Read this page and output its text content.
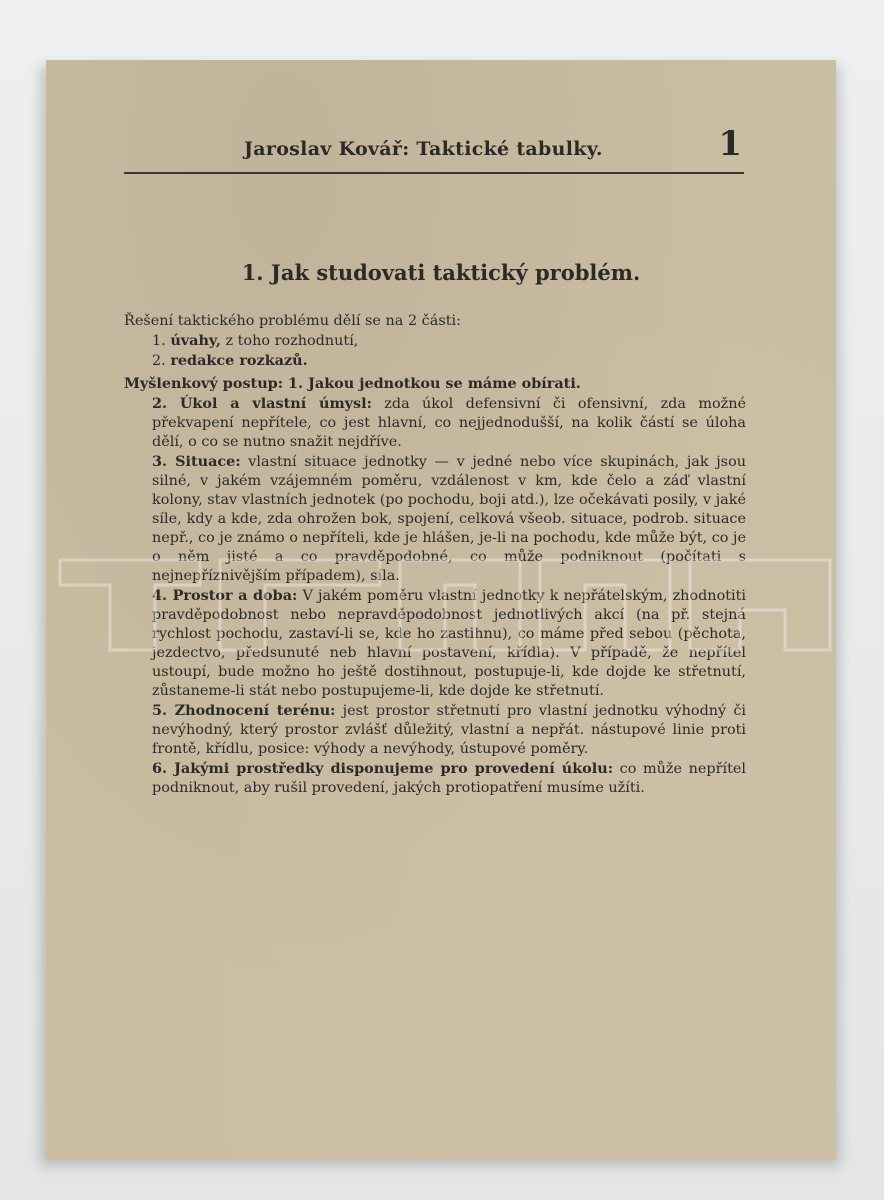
Jaroslav Kovář: Taktické tabulky.	1
1. Jak studovati taktický problém.

Řešení taktického problému dělí se na 2 části:

1. úvahy, z toho rozhodnutí,
2. redakce rozkazů.

Myšlenkový postup: 1. Jakou jednotkou se máme obírati.

2. Úkol a vlastní úmysl: zda úkol defensivní či ofensivní, zda možné překvapení nepřítele, co jest hlavní, co nejjednodušší, na kolik částí se úloha dělí, o co se nutno snažit nejdříve.

3. Situace: vlastní situace jednotky — v jedné nebo více skupinách, jak jsou silné, v jakém vzájemném poměru, vzdálenost v km, kde čelo a záď vlastní kolony, stav vlastních jednotek (po pochodu, boji atd.), lze očekávati posily, v jaké síle, kdy a kde, zda ohrožen bok, spojení, celková všeob. situace, podrob. situace nepř., co je známo o nepříteli, kde je hlášen, je-li na pochodu, kde může být, co je o něm jisté a co pravděpodobné, co může podniknout (počítati s nejnepříznivějším případem), síla.

4. Prostor a doba: V jakém poměru vlastní jednotky k nepřátelským, zhodnotiti pravděpodobnost nebo nepravděpodobnost jednotlivých akcí (na př. stejná rychlost pochodu, zastaví-li se, kde ho zastihnu), co máme před sebou (pěchota, jezdectvo, předsunuté neb hlavní postavení, křídla). V případě, že nepřítel ustoupí, bude možno ho ještě dostihnout, postupuje-li, kde dojde ke střetnutí, zůstaneme-li stát nebo postupujeme-li, kde dojde ke střetnutí.

5. Zhodnocení terénu: jest prostor střetnutí pro vlastní jednotku výhodný či nevýhodný, který prostor zvlášť důležitý, vlastní a nepřát. nástupové linie proti frontě, křídlu, posice: výhody a nevýhody, ústupové poměry.

6. Jakými prostředky disponujeme pro provedení úkolu: co může nepřítel podniknout, aby rušil provedení, jakých protiopatření musíme užíti.
